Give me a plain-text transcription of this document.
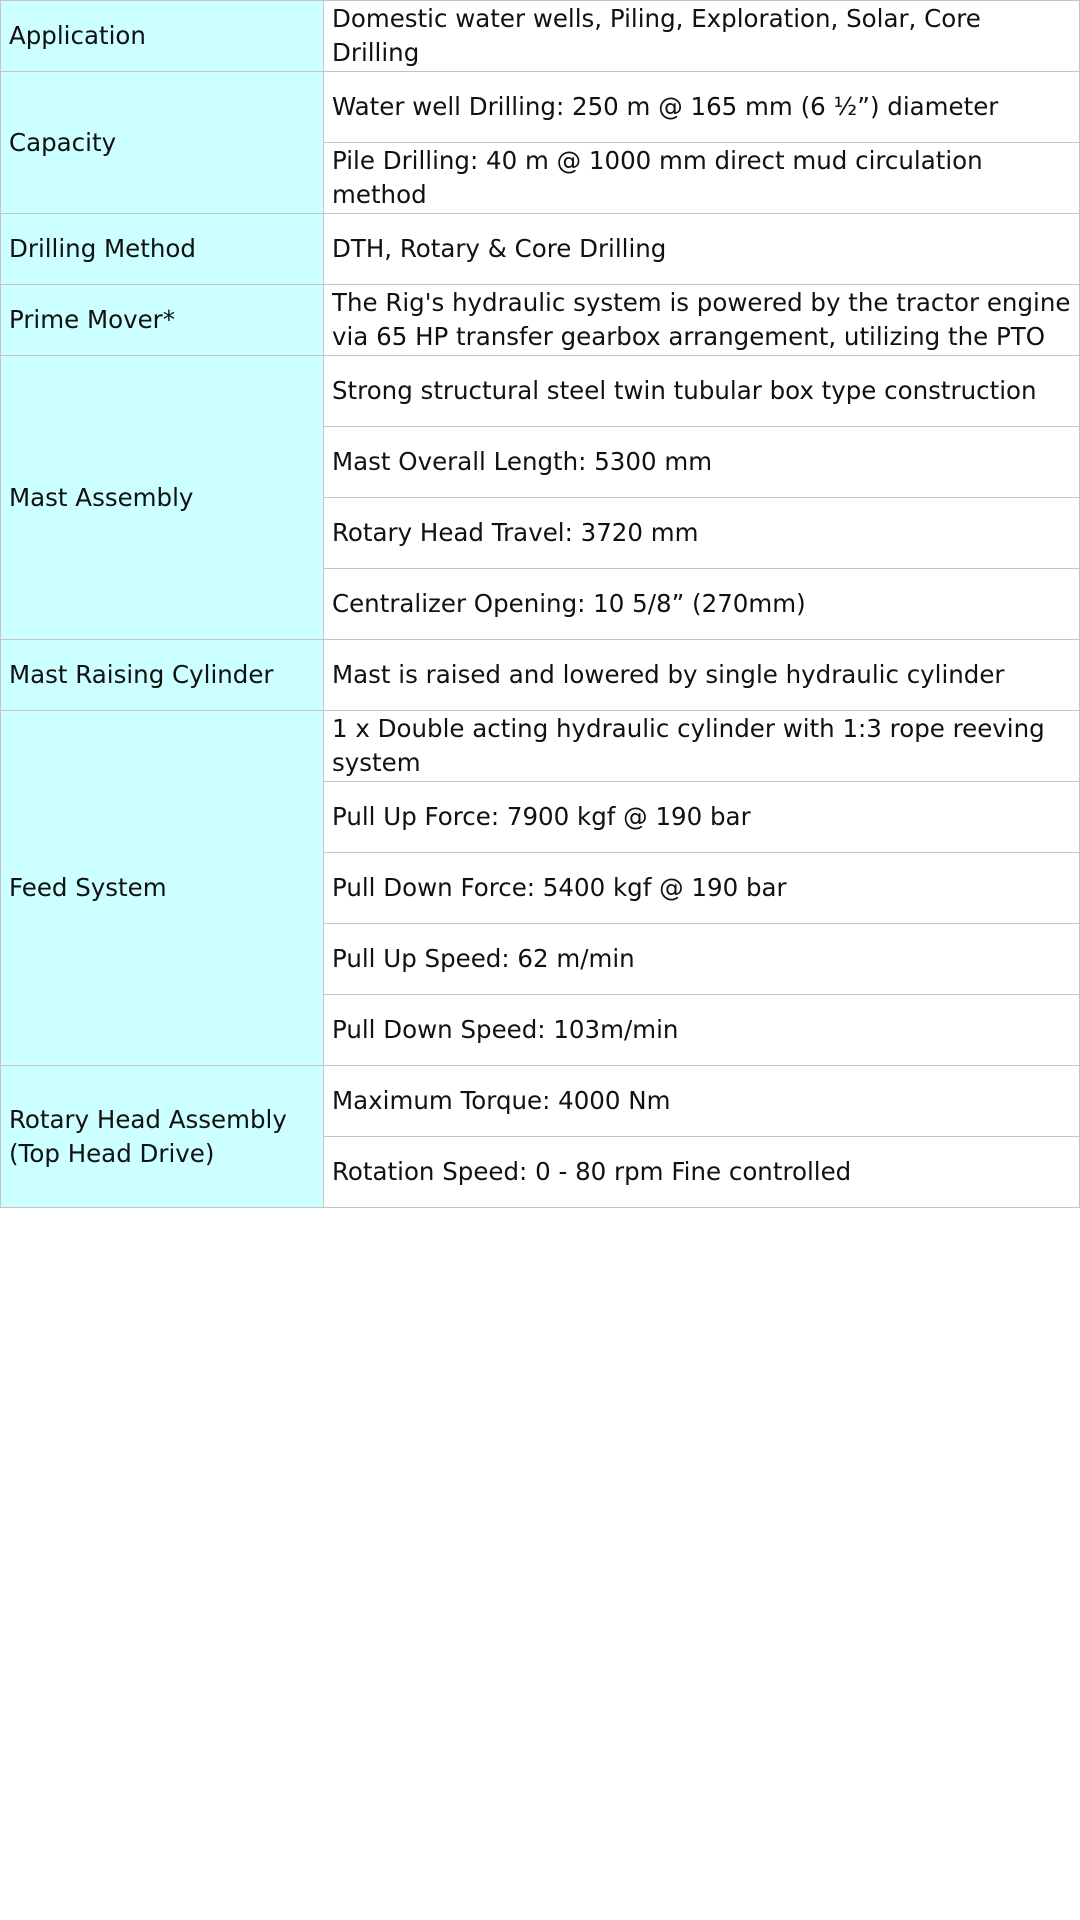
Application	Domestic water wells, Piling, Exploration, Solar, Core Drilling

Capacity	Water well Drilling: 250 m @ 165 mm (6 ½”) diameter

	Pile Drilling: 40 m @ 1000 mm direct mud circulation method

Drilling Method	DTH, Rotary & Core Drilling

Prime Mover*	The Rig's hydraulic system is powered by the tractor engine via 65 HP transfer gearbox arrangement, utilizing the PTO

Mast Assembly	Strong structural steel twin tubular box type construction

	Mast Overall Length: 5300 mm

	Rotary Head Travel: 3720 mm

	Centralizer Opening: 10 5/8” (270mm)

Mast Raising Cylinder	Mast is raised and lowered by single hydraulic cylinder

Feed System	1 x Double acting hydraulic cylinder with 1:3 rope reeving system

	Pull Up Force: 7900 kgf @ 190 bar

	Pull Down Force: 5400 kgf @ 190 bar

	Pull Up Speed: 62 m/min

	Pull Down Speed: 103m/min

Rotary Head Assembly (Top Head Drive)	Maximum Torque: 4000 Nm

	Rotation Speed: 0 - 80 rpm Fine controlled
